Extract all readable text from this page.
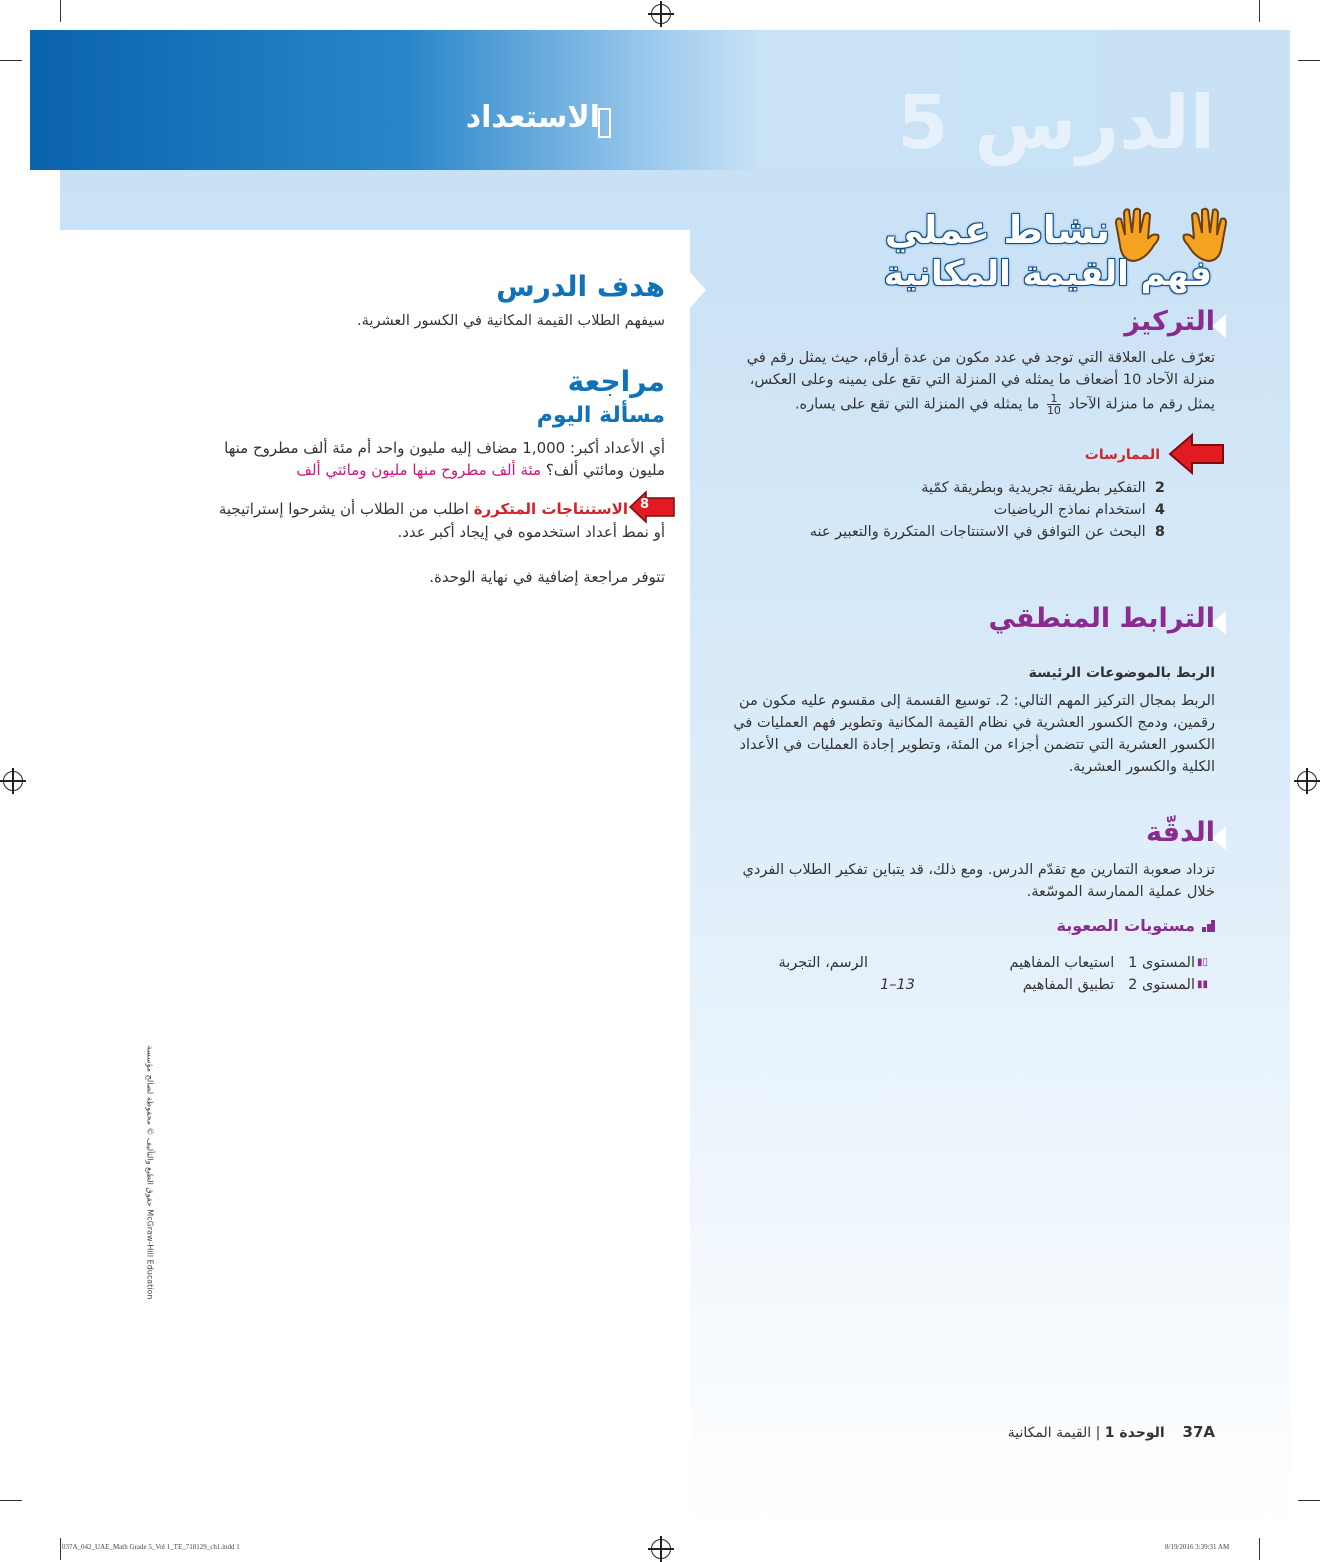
الدرس 5
الاستعداد
نشاط عملي
فهم القيمة المكانية
التركيز
تعرّف على العلاقة التي توجد في عدد مكون من عدة أرقام، حيث يمثل رقم في
منزلة الآحاد 10 أضعاف ما يمثله في المنزلة التي تقع على يمينه وعلى العكس،
يمثل رقم ما منزلة الآحاد
$\frac{1}{10}$
ما يمثله في المنزلة التي تقع على يساره.
الممارسات
2  التفكير بطريقة تجريدية وبطريقة كمّية
4  استخدام نماذج الرياضيات
8  البحث عن التوافق في الاستنتاجات المتكررة والتعبير عنه
الترابط المنطقي
الربط بالموضوعات الرئيسة
الربط بمجال التركيز المهم التالي: 2. توسيع القسمة إلى مقسوم عليه مكون من
رقمين، ودمج الكسور العشرية في نظام القيمة المكانية وتطوير فهم العمليات في
الكسور العشرية التي تتضمن أجزاء من المئة، وتطوير إجادة العمليات في الأعداد
الكلية والكسور العشرية.
الدقّة
تزداد صعوبة التمارين مع تقدّم الدرس. ومع ذلك، قد يتباين تفكير الطلاب الفردي
خلال عملية الممارسة الموسّعة.
مستويات الصعوبة
المستوى 1   استيعاب المفاهيم
المستوى 2   تطبيق المفاهيم
▮▯
▮▮
الرسم، التجربة
1–13
هدف الدرس
سيفهم الطلاب القيمة المكانية في الكسور العشرية.
مراجعة
مسألة اليوم
أي الأعداد أكبر: 1,000 مضاف إليه مليون واحد أم مئة ألف مطروح منها
مليون ومائتي ألف؟ مئة ألف مطروح منها مليون ومائتي ألف
8
الاستنتاجات المتكررة اطلب من الطلاب أن يشرحوا إستراتيجية
أو نمط أعداد استخدموه في إيجاد أكبر عدد.
تتوفر مراجعة إضافية في نهاية الوحدة.
حقوق الطبع والتأليف © محفوظة لصالح مؤسسة McGraw-Hill Education
37A    الوحدة 1 | القيمة المكانية
037A_042_UAE_Math Grade 5_Vol 1_TE_718129_ch1.indd 1	8/19/2016 3:39:31 AM
